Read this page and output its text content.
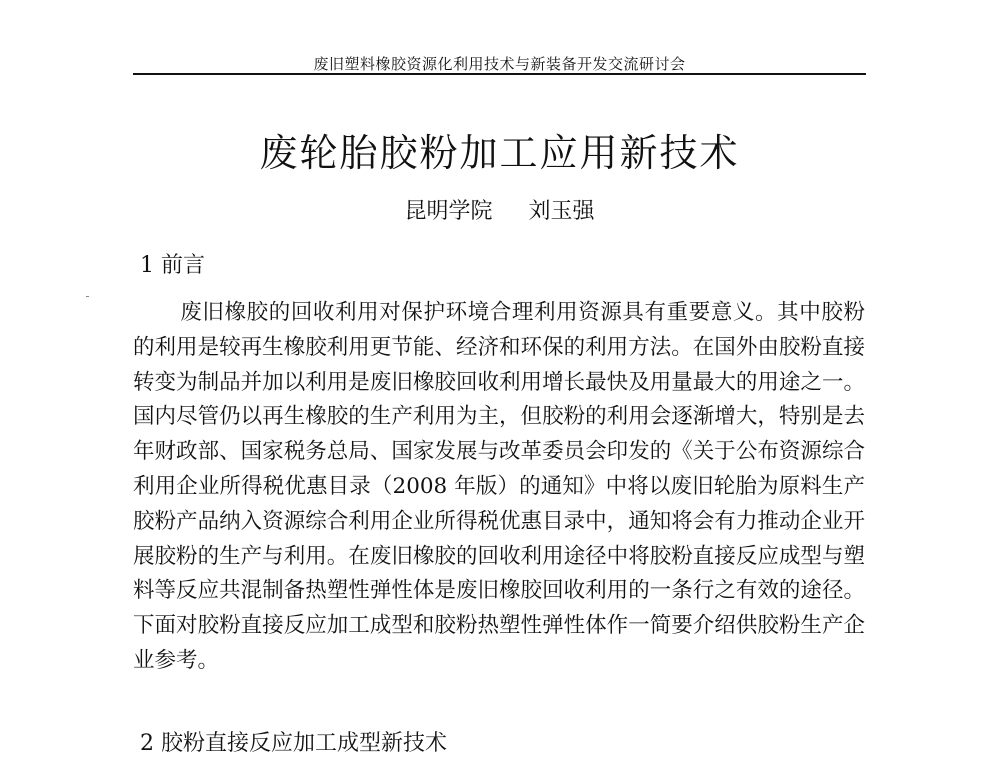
废旧塑料橡胶资源化利用技术与新装备开发交流研讨会
废轮胎胶粉加工应用新技术
昆明学院 刘玉强
1 前言

废旧橡胶的回收利用对保护环境合理利用资源具有重要意义。其中胶粉的利用是较再生橡胶利用更节能、经济和环保的利用方法。在国外由胶粉直接转变为制品并加以利用是废旧橡胶回收利用增长最快及用量最大的用途之一。国内尽管仍以再生橡胶的生产利用为主，但胶粉的利用会逐渐增大，特别是去年财政部、国家税务总局、国家发展与改革委员会印发的《关于公布资源综合利用企业所得税优惠目录（2008 年版）的通知》中将以废旧轮胎为原料生产胶粉产品纳入资源综合利用企业所得税优惠目录中，通知将会有力推动企业开展胶粉的生产与利用。在废旧橡胶的回收利用途径中将胶粉直接反应成型与塑料等反应共混制备热塑性弹性体是废旧橡胶回收利用的一条行之有效的途径。下面对胶粉直接反应加工成型和胶粉热塑性弹性体作一简要介绍供胶粉生产企业参考。

2 胶粉直接反应加工成型新技术
